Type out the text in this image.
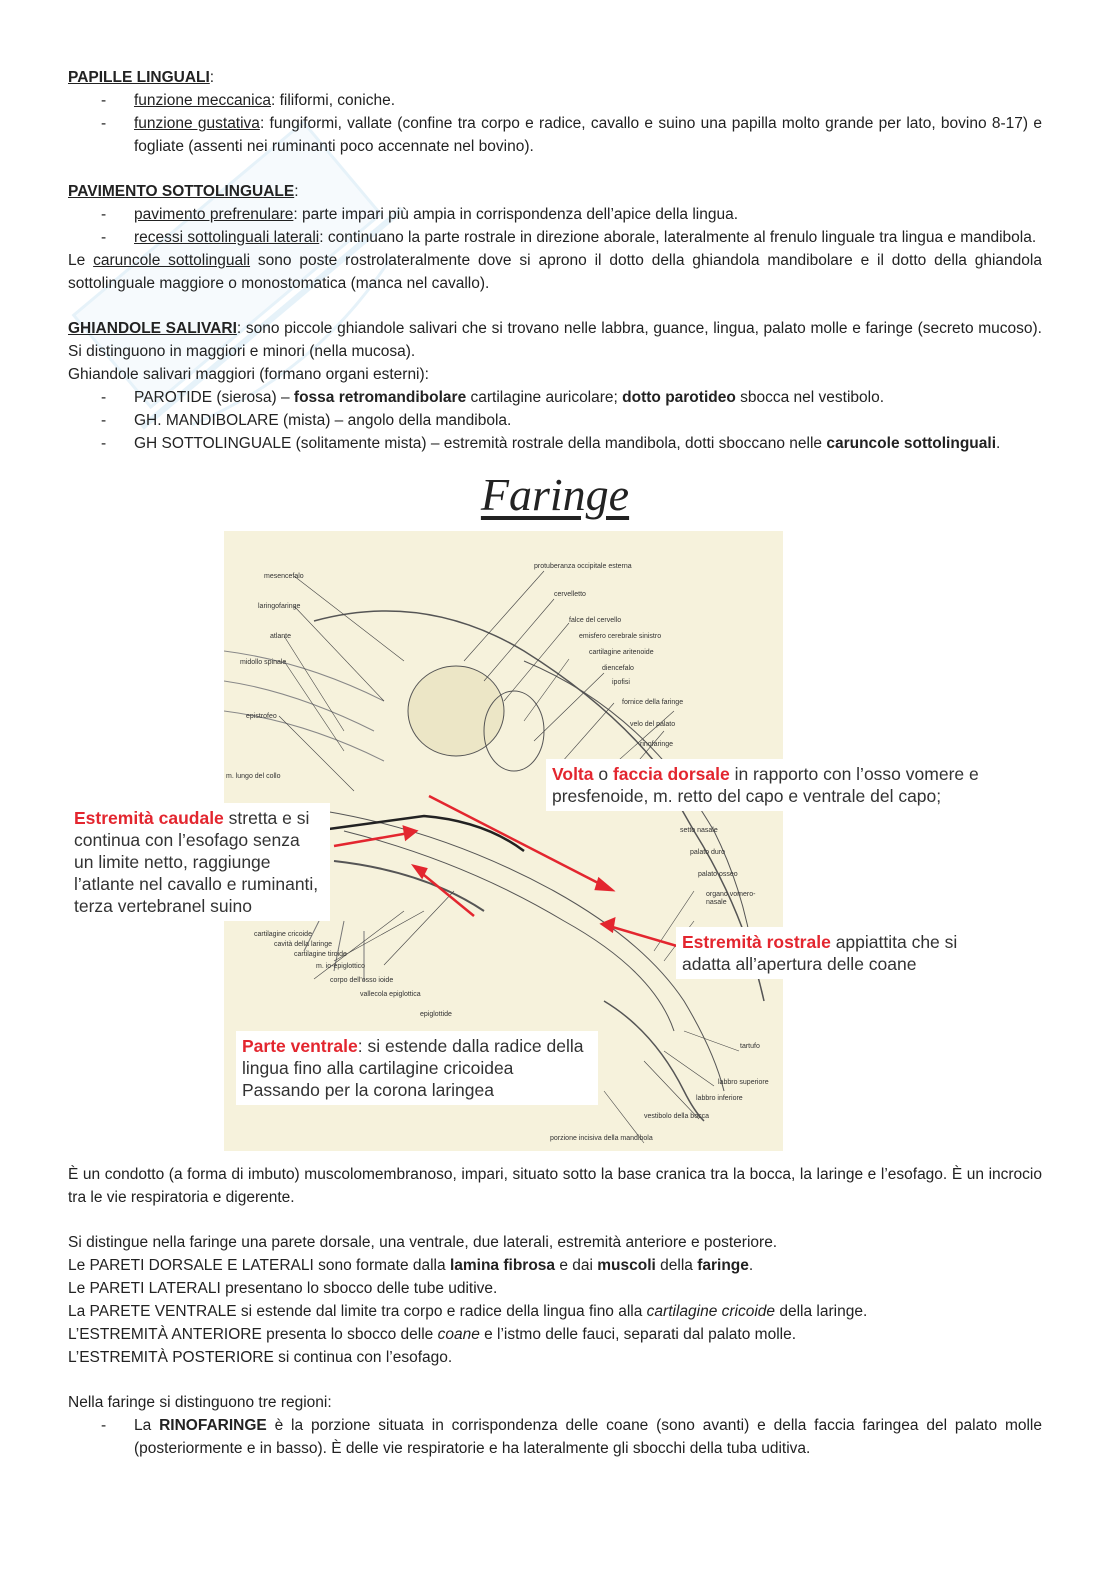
PAPILLE LINGUALI:
- funzione meccanica: filiformi, coniche.
- funzione gustativa: fungiformi, vallate (confine tra corpo e radice, cavallo e suino una papilla molto grande per lato, bovino 8-17) e fogliate (assenti nei ruminanti poco accennate nel bovino).
PAVIMENTO SOTTOLINGUALE:
- pavimento prefrenulare: parte impari più ampia in corrispondenza dell’apice della lingua.
- recessi sottolinguali laterali: continuano la parte rostrale in direzione aborale, lateralmente al frenulo linguale tra lingua e mandibola.

Le caruncole sottolinguali sono poste rostrolateralmente dove si aprono il dotto della ghiandola mandibolare e il dotto della ghiandola sottolinguale maggiore o monostomatica (manca nel cavallo).

GHIANDOLE SALIVARI: sono piccole ghiandole salivari che si trovano nelle labbra, guance, lingua, palato molle e faringe (secreto mucoso). Si distinguono in maggiori e minori (nella mucosa).

Ghiandole salivari maggiori (formano organi esterni):

- PAROTIDE (sierosa) – fossa retromandibolare cartilagine auricolare; dotto parotideo sbocca nel vestibolo.
- GH. MANDIBOLARE (mista) – angolo della mandibola.
- GH SOTTOLINGUALE (solitamente mista) – estremità rostrale della mandibola, dotti sboccano nelle caruncole sottolinguali.
Faringe
mesencefalo
laringofaringe
atlante
midollo spinale
epistrofeo
m. lungo del collo
protuberanza occipitale esterna
cervelletto
falce del cervello
emisfero cerebrale sinistro
cartilagine aritenoide
diencefalo
ipofisi
fornice della faringe
velo del palato
rinofaringe
setto nasale
palato duro
palato osseo
organo vomero-nasale
tartufo
labbro superiore
labbro inferiore
vestibolo della bocca
porzione incisiva della mandibola
epiglottide
vallecola epiglottica
corpo dell'osso ioide
m. io-epiglottico
cartilagine tiroide
cavità della laringe
cartilagine cricoide
Volta o faccia dorsale in rapporto con l’osso vomere e presfenoide, m. retto del capo e ventrale del capo;
Estremità caudale stretta e si continua con l’esofago senza un limite netto, raggiunge l’atlante nel cavallo e ruminanti, terza vertebranel suino
Estremità rostrale appiattita che si adatta all’apertura delle coane
Parte ventrale: si estende dalla radice della lingua fino alla cartilagine cricoidea Passando per la corona laringea

È un condotto (a forma di imbuto) muscolomembranoso, impari, situato sotto la base cranica tra la bocca, la laringe e l’esofago. È un incrocio tra le vie respiratoria e digerente.

Si distingue nella faringe una parete dorsale, una ventrale, due laterali, estremità anteriore e posteriore.

Le PARETI DORSALE E LATERALI sono formate dalla lamina fibrosa e dai muscoli della faringe.

Le PARETI LATERALI presentano lo sbocco delle tube uditive.

La PARETE VENTRALE si estende dal limite tra corpo e radice della lingua fino alla cartilagine cricoide della laringe.

L’ESTREMITÀ ANTERIORE presenta lo sbocco delle coane e l’istmo delle fauci, separati dal palato molle.

L’ESTREMITÀ POSTERIORE si continua con l’esofago.

Nella faringe si distinguono tre regioni:

- La RINOFARINGE è la porzione situata in corrispondenza delle coane (sono avanti) e della faccia faringea del palato molle (posteriormente e in basso). È delle vie respiratorie e ha lateralmente gli sbocchi della tuba uditiva.
